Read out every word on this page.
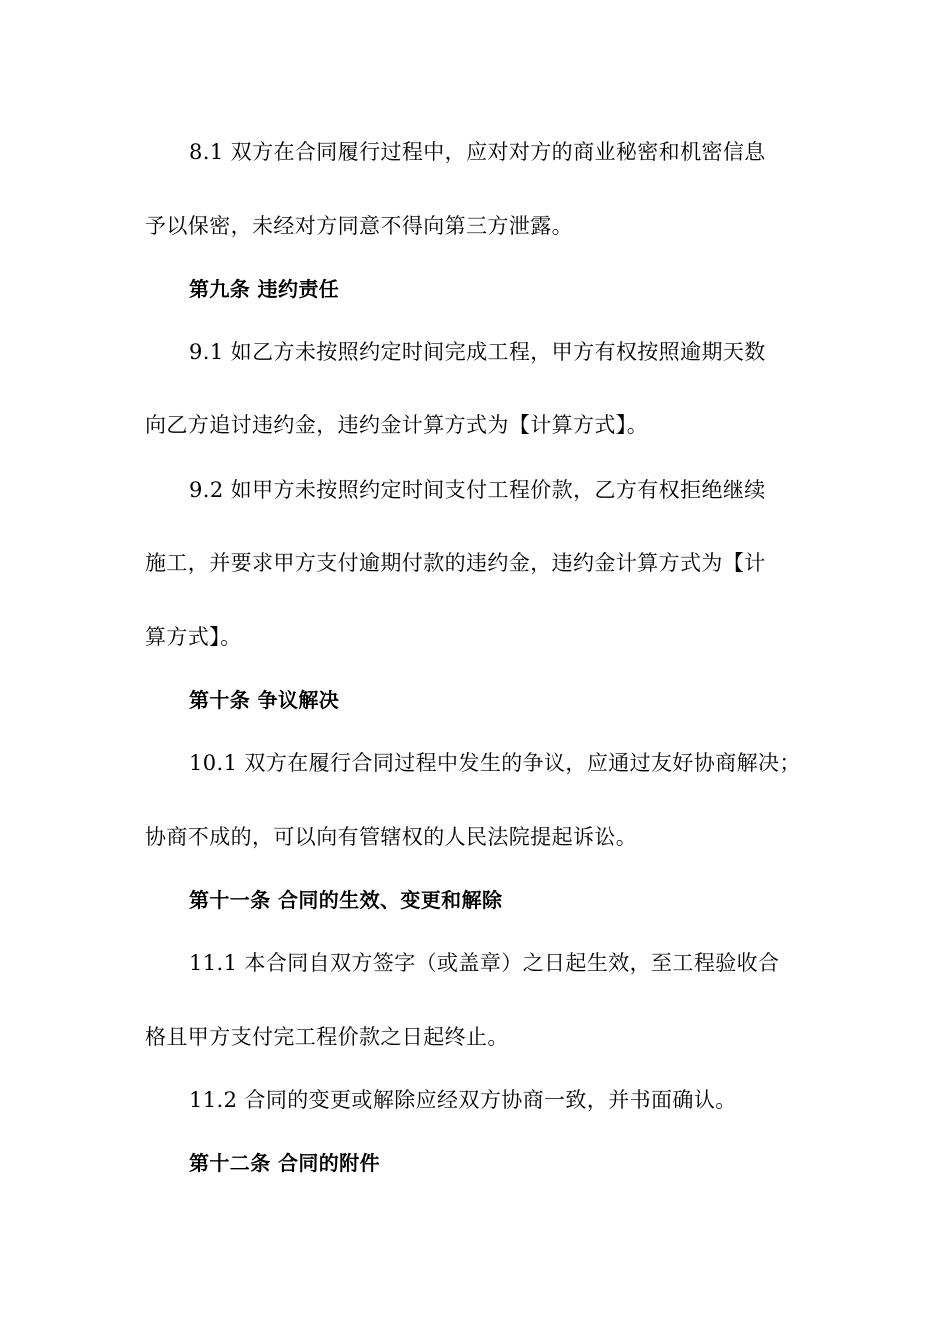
8.1 双方在合同履行过程中，应对对方的商业秘密和机密信息
予以保密，未经对方同意不得向第三方泄露。
第九条 违约责任
9.1 如乙方未按照约定时间完成工程，甲方有权按照逾期天数
向乙方追讨违约金，违约金计算方式为【计算方式】。
9.2 如甲方未按照约定时间支付工程价款，乙方有权拒绝继续
施工，并要求甲方支付逾期付款的违约金，违约金计算方式为【计
算方式】。
第十条 争议解决
10.1 双方在履行合同过程中发生的争议，应通过友好协商解决；
协商不成的，可以向有管辖权的人民法院提起诉讼。
第十一条 合同的生效、变更和解除
11.1 本合同自双方签字（或盖章）之日起生效，至工程验收合
格且甲方支付完工程价款之日起终止。
11.2 合同的变更或解除应经双方协商一致，并书面确认。
第十二条 合同的附件
